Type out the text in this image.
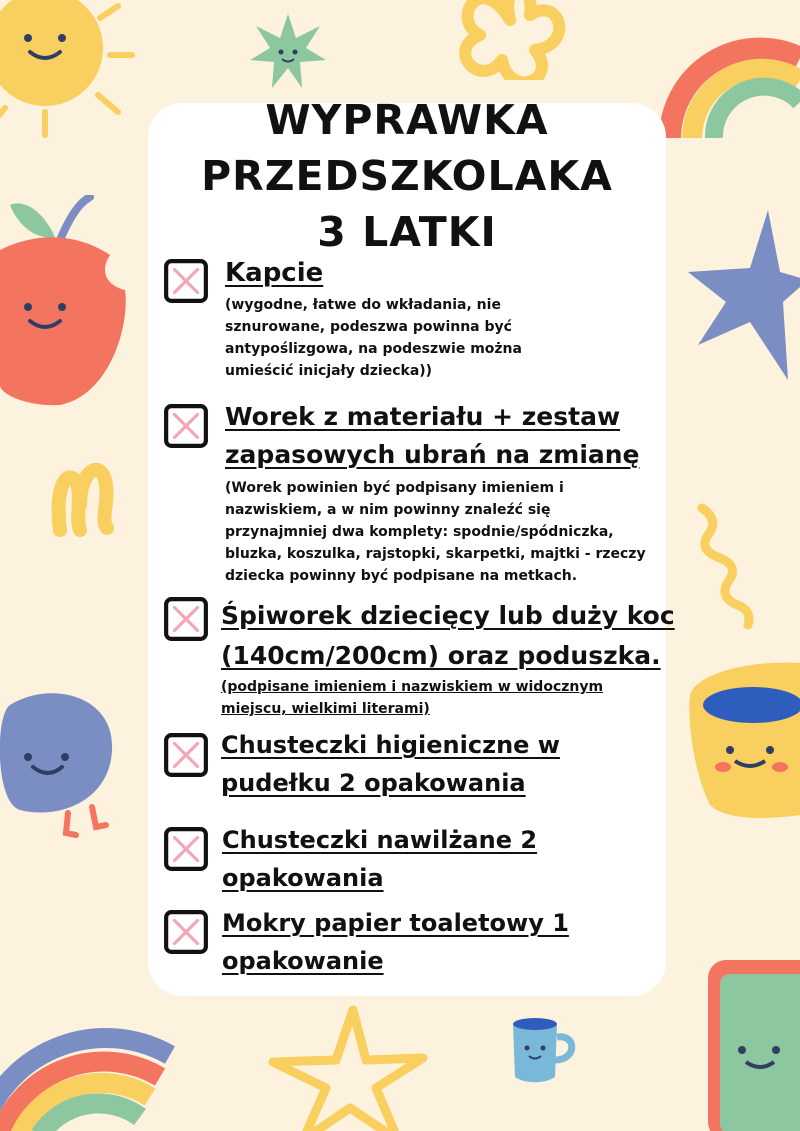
WYPRAWKA
PRZEDSZKOLAKA
3 LATKI
Kapcie
(wygodne, łatwe do wkładania, nie
sznurowane, podeszwa powinna być
antypoślizgowa, na podeszwie można
umieścić inicjały dziecka))
Worek z materiału + zestaw
zapasowych ubrań na zmianę
(Worek powinien być podpisany imieniem i
nazwiskiem, a w nim powinny znaleźć się
przynajmniej dwa komplety: spodnie/spódniczka,
bluzka, koszulka, rajstopki, skarpetki, majtki - rzeczy
dziecka powinny być podpisane na metkach.
Śpiworek dziecięcy lub duży koc
(140cm/200cm) oraz poduszka.
(podpisane imieniem i nazwiskiem w widocznym
miejscu, wielkimi literami)
Chusteczki higieniczne w
pudełku 2 opakowania
Chusteczki nawilżane 2
opakowania
Mokry papier toaletowy 1
opakowanie
